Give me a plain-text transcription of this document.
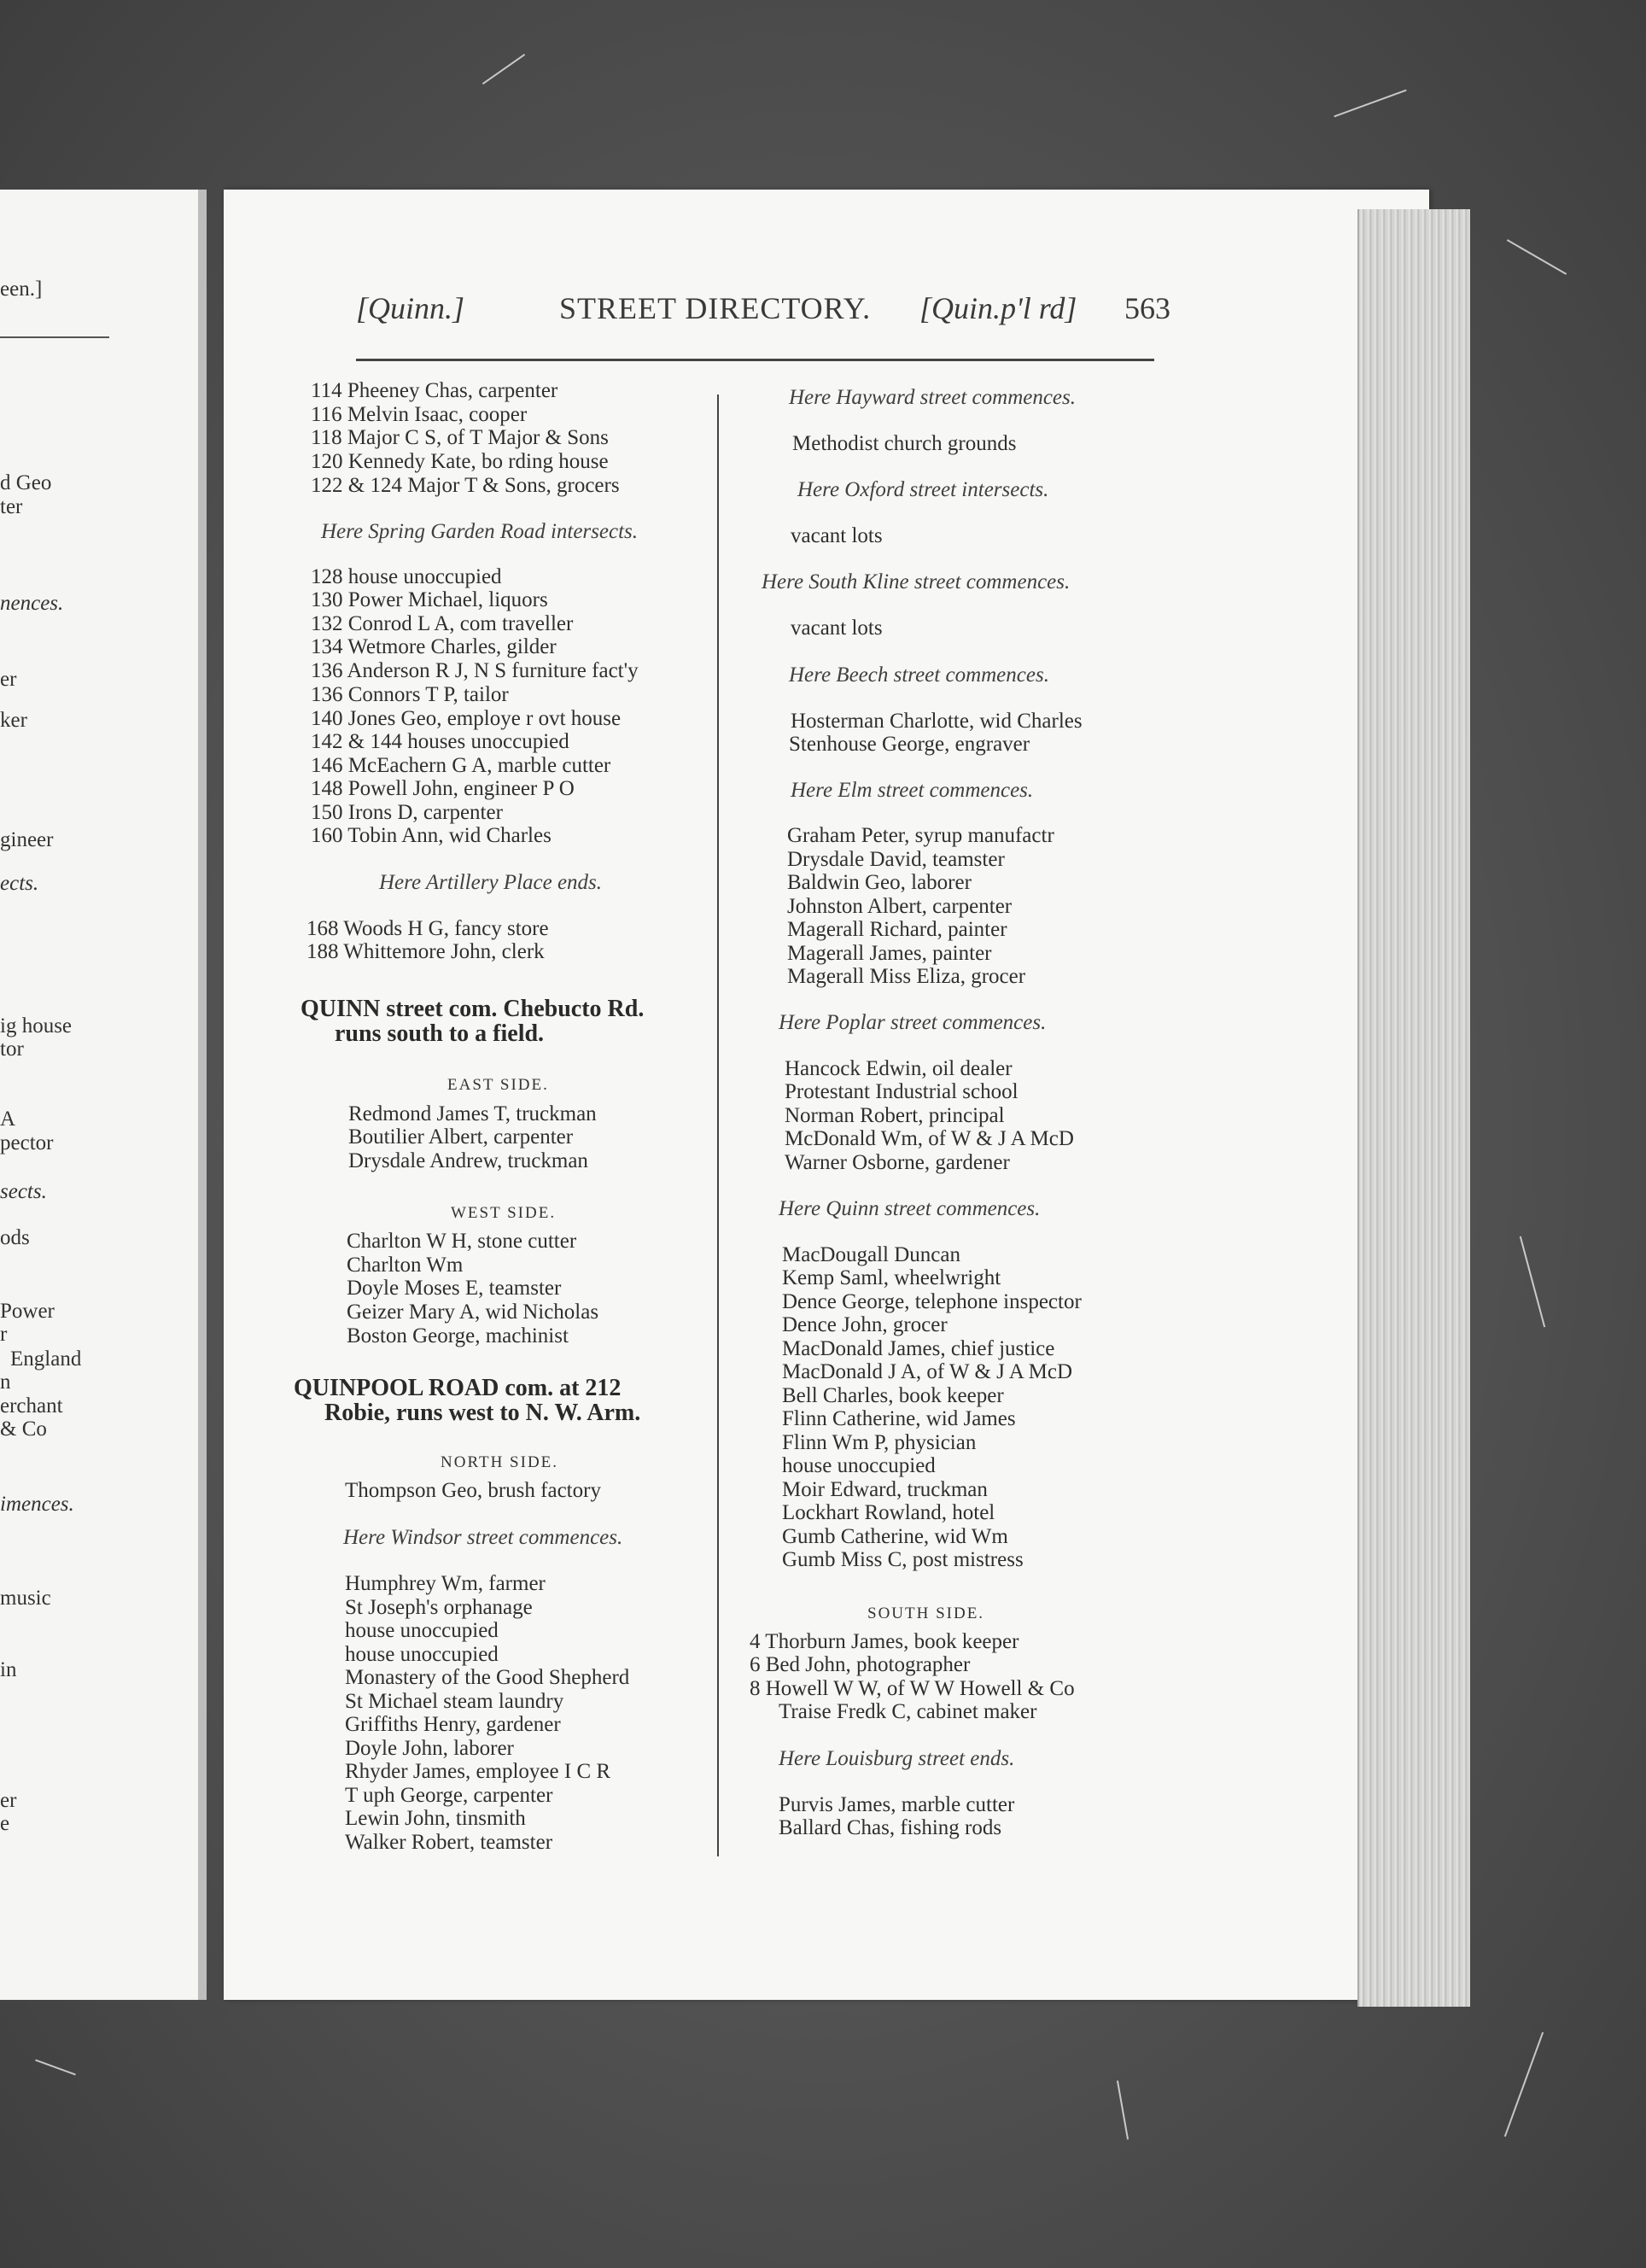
een.]
d Geo
ter
nences.
er
ker
gineer
ects.
ig house
tor
A
pector
sects.
ods
Power
r
England
n
erchant
& Co
imences.
music
in
er
e
[Quinn.]	STREET DIRECTORY. [Quin.p'l rd] 563
114 Pheeney Chas, carpenter
116 Melvin Isaac, cooper
118 Major C S, of T Major & Sons
120 Kennedy Kate, bo rding house
122 & 124 Major T & Sons, grocers
Here Spring Garden Road intersects.
128 house unoccupied
130 Power Michael, liquors
132 Conrod L A, com traveller
134 Wetmore Charles, gilder
136 Anderson R J, N S furniture fact'y
136 Connors T P, tailor
140 Jones Geo, employe r ovt house
142 & 144 houses unoccupied
146 McEachern G A, marble cutter
148 Powell John, engineer P O
150 Irons D, carpenter
160 Tobin Ann, wid Charles
Here Artillery Place ends.
168 Woods H G, fancy store
188 Whittemore John, clerk
QUINN street com. Chebucto Rd.
runs south to a field.
EAST SIDE.
Redmond James T, truckman
Boutilier Albert, carpenter
Drysdale Andrew, truckman
WEST SIDE.
Charlton W H, stone cutter
Charlton Wm
Doyle Moses E, teamster
Geizer Mary A, wid Nicholas
Boston George, machinist
QUINPOOL ROAD com. at 212
Robie, runs west to N. W. Arm.
NORTH SIDE.
Thompson Geo, brush factory
Here Windsor street commences.
Humphrey Wm, farmer
St Joseph's orphanage
house unoccupied
house unoccupied
Monastery of the Good Shepherd
St Michael steam laundry
Griffiths Henry, gardener
Doyle John, laborer
Rhyder James, employee I C R
T uph George, carpenter
Lewin John, tinsmith
Walker Robert, teamster
Here Hayward street commences.
Methodist church grounds
Here Oxford street intersects.
vacant lots
Here South Kline street commences.
vacant lots
Here Beech street commences.
Hosterman Charlotte, wid Charles
Stenhouse George, engraver
Here Elm street commences.
Graham Peter, syrup manufactr
Drysdale David, teamster
Baldwin Geo, laborer
Johnston Albert, carpenter
Magerall Richard, painter
Magerall James, painter
Magerall Miss Eliza, grocer
Here Poplar street commences.
Hancock Edwin, oil dealer
Protestant Industrial school
Norman Robert, principal
McDonald Wm, of W & J A McD
Warner Osborne, gardener
Here Quinn street commences.
MacDougall Duncan
Kemp Saml, wheelwright
Dence George, telephone inspector
Dence John, grocer
MacDonald James, chief justice
MacDonald J A, of W & J A McD
Bell Charles, book keeper
Flinn Catherine, wid James
Flinn Wm P, physician
house unoccupied
Moir Edward, truckman
Lockhart Rowland, hotel
Gumb Catherine, wid Wm
Gumb Miss C, post mistress
SOUTH SIDE.
4 Thorburn James, book keeper
6 Bed John, photographer
8 Howell W W, of W W Howell & Co
Traise Fredk C, cabinet maker
Here Louisburg street ends.
Purvis James, marble cutter
Ballard Chas, fishing rods
